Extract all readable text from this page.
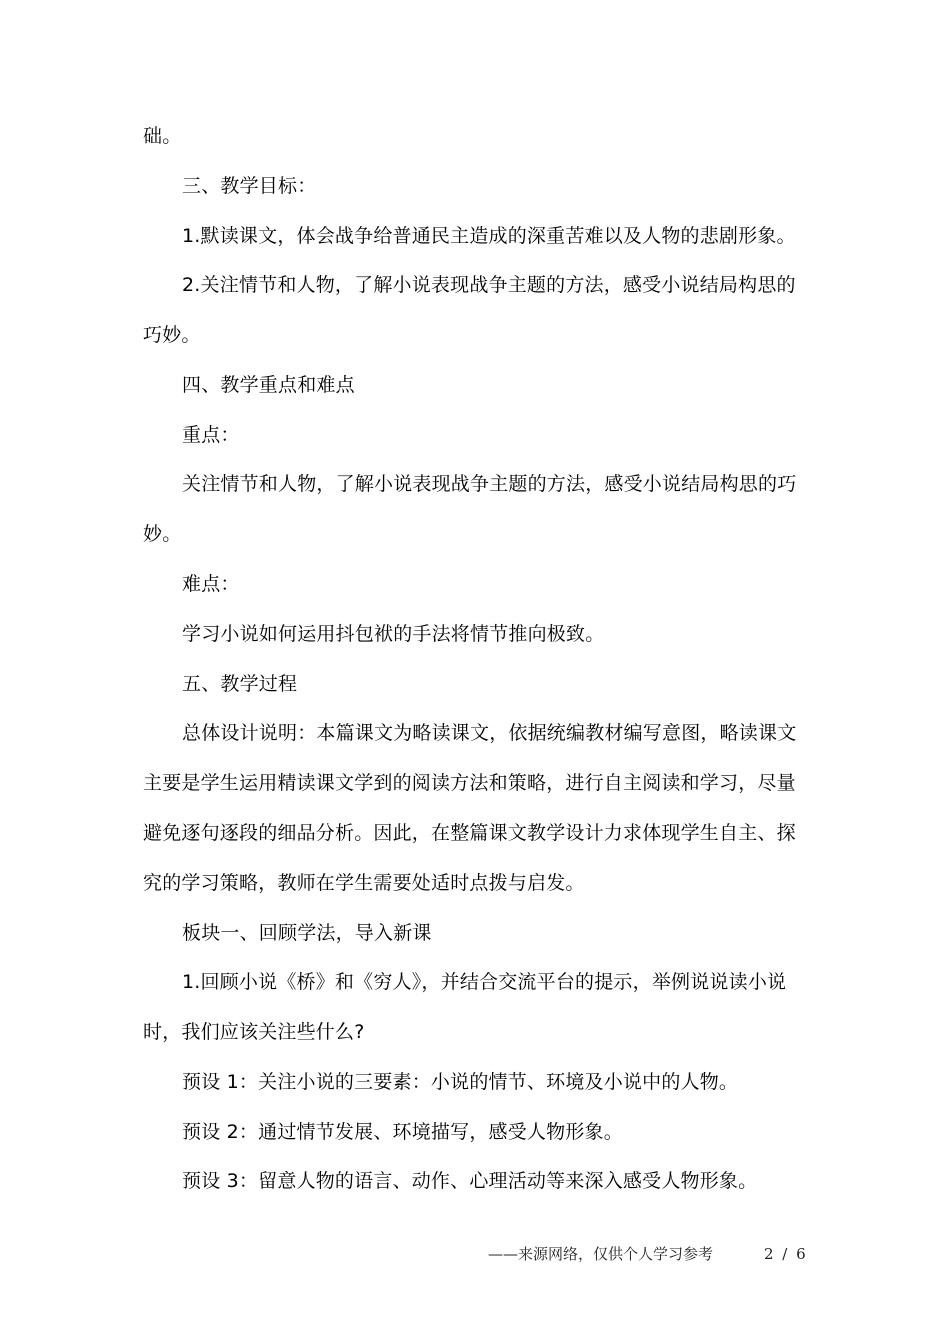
础。
三、教学目标：
1.默读课文，体会战争给普通民主造成的深重苦难以及人物的悲剧形象。
2.关注情节和人物，了解小说表现战争主题的方法，感受小说结局构思的
巧妙。
四、教学重点和难点
重点：
关注情节和人物，了解小说表现战争主题的方法，感受小说结局构思的巧
妙。
难点：
学习小说如何运用抖包袱的手法将情节推向极致。
五、教学过程
总体设计说明：本篇课文为略读课文，依据统编教材编写意图，略读课文
主要是学生运用精读课文学到的阅读方法和策略，进行自主阅读和学习，尽量
避免逐句逐段的细品分析。因此，在整篇课文教学设计力求体现学生自主、探
究的学习策略，教师在学生需要处适时点拨与启发。
板块一、回顾学法，导入新课
1.回顾小说《桥》和《穷人》，并结合交流平台的提示，举例说说读小说
时，我们应该关注些什么?
预设 1：关注小说的三要素：小说的情节、环境及小说中的人物。
预设 2：通过情节发展、环境描写，感受人物形象。
预设 3：留意人物的语言、动作、心理活动等来深入感受人物形象。
——来源网络，仅供个人学习参考	2 / 6
